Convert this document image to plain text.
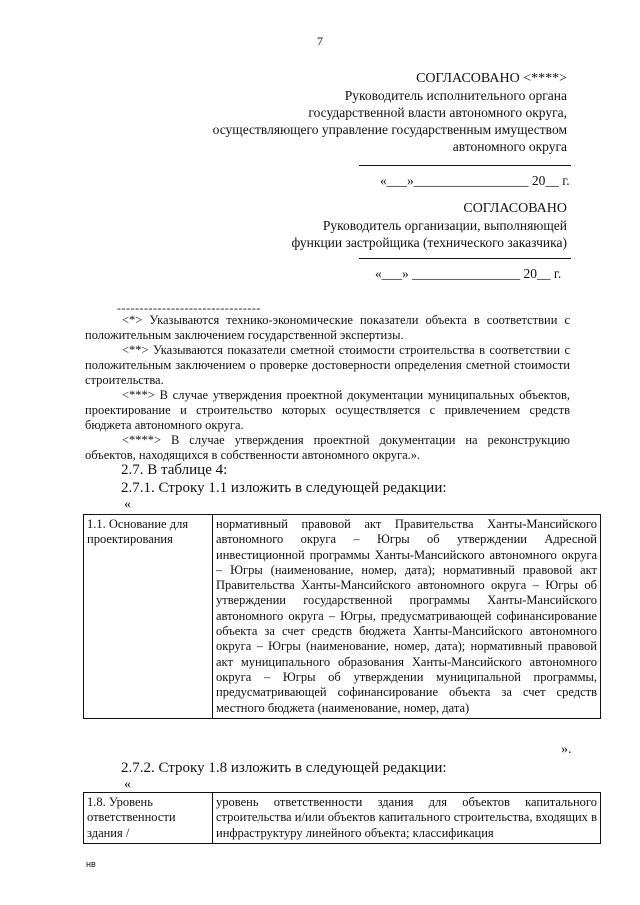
7
СОГЛАСОВАНО <****>
Руководитель исполнительного органа
государственной власти автономного округа,
осуществляющего управление государственным имуществом
автономного округа
«___»_________________ 20__ г.
СОГЛАСОВАНО
Руководитель организации, выполняющей
функции застройщика (технического заказчика)
«___» ________________ 20__ г.
--------------------------------

<*> Указываются технико-экономические показатели объекта в соответствии с положительным заключением государственной экспертизы.

<**> Указываются показатели сметной стоимости строительства в соответствии с положительным заключением о проверке достоверности определения сметной стоимости строительства.

<***> В случае утверждения проектной документации муниципальных объектов, проектирование и строительство которых осуществляется с привлечением средств бюджета автономного округа.

<****> В случае утверждения проектной документации на реконструкцию объектов, находящихся в собственности автономного округа.».

2.7. В таблице 4:
2.7.1. Строку 1.1 изложить в следующей редакции:
«
1.1. Основание для проектирования	нормативный правовой акт Правительства Ханты-Мансийского автономного округа – Югры об утверждении Адресной инвестиционной программы Ханты-Мансийского автономного округа – Югры (наименование, номер, дата); нормативный правовой акт Правительства Ханты-Мансийского автономного округа – Югры об утверждении государственной программы Ханты-Мансийского автономного округа – Югры, предусматривающей софинансирование объекта за счет средств бюджета Ханты-Мансийского автономного округа – Югры (наименование, номер, дата); нормативный правовой акт муниципального образования Ханты-Мансийского автономного округа – Югры об утверждении муниципальной программы, предусматривающей софинансирование объекта за счет средств местного бюджета (наименование, номер, дата)
».
2.7.2. Строку 1.8 изложить в следующей редакции:
«
1.8. Уровень ответственности здания /	уровень ответственности здания для объектов капитального строительства и/или объектов капитального строительства, входящих в инфраструктуру линейного объекта; классификация
нв
